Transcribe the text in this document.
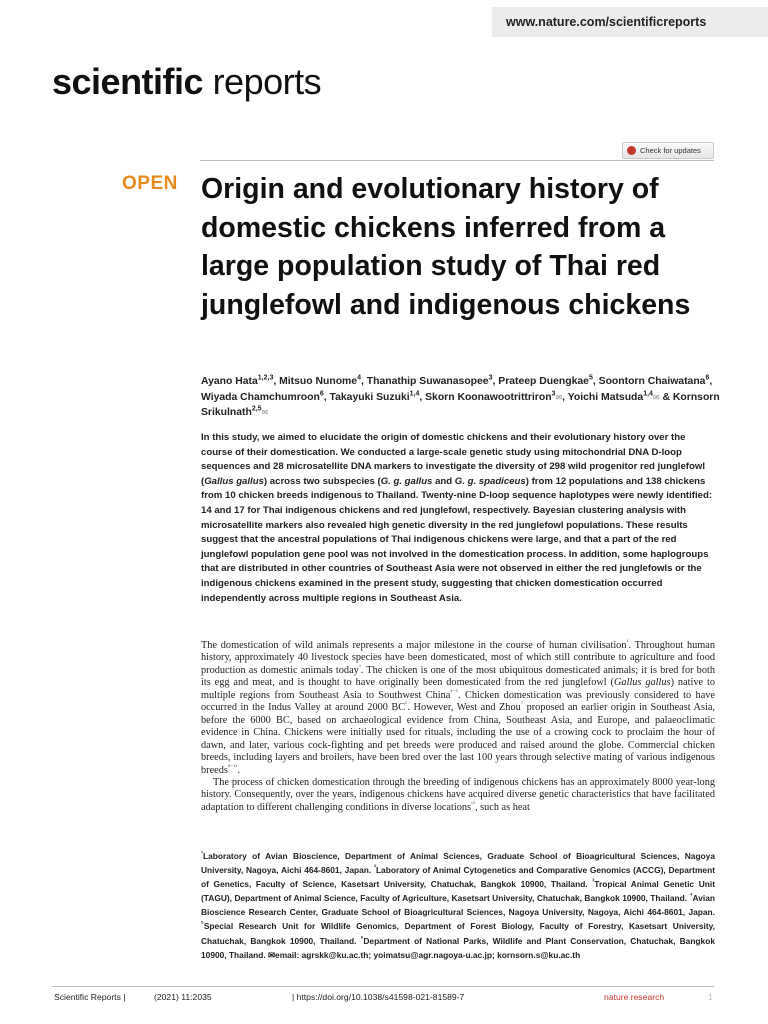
www.nature.com/scientificreports
scientific reports
Check for updates
OPEN Origin and evolutionary history of domestic chickens inferred from a large population study of Thai red junglefowl and indigenous chickens

Ayano Hata$^{1,2,3}$, Mitsuo Nunome$^4$, Thanathip Suwanasopee$^3$, Prateep Duengkae$^5$, Soontorn Chaiwatana$^6$, Wiyada Chamchumroon$^6$, Takayuki Suzuki$^{1,4}$, Skorn Koonawootrittriron$^3$✉, Yoichi Matsuda$^{1,4}$✉ & Kornsorn Srikulnath$^{2,5}$✉

In this study, we aimed to elucidate the origin of domestic chickens and their evolutionary history over the course of their domestication. We conducted a large-scale genetic study using mitochondrial DNA D-loop sequences and 28 microsatellite DNA markers to investigate the diversity of 298 wild progenitor red junglefowl (Gallus gallus) across two subspecies (G. g. gallus and G. g. spadiceus) from 12 populations and 138 chickens from 10 chicken breeds indigenous to Thailand. Twenty-nine D-loop sequence haplotypes were newly identified: 14 and 17 for Thai indigenous chickens and red junglefowl, respectively. Bayesian clustering analysis with microsatellite markers also revealed high genetic diversity in the red junglefowl populations. These results suggest that the ancestral populations of Thai indigenous chickens were large, and that a part of the red junglefowl population gene pool was not involved in the domestication process. In addition, some haplogroups that are distributed in other countries of Southeast Asia were not observed in either the red junglefowls or the indigenous chickens examined in the present study, suggesting that chicken domestication occurred independently across multiple regions in Southeast Asia.

The domestication of wild animals represents a major milestone in the course of human civilisation$^{^1}$. Throughout human history, approximately 40 livestock species have been domesticated, most of which still contribute to agriculture and food production as domestic animals today$^{^2}$. The chicken is one of the most ubiquitous domesticated animals; it is bred for both its egg and meat, and is thought to have originally been domesticated from the red junglefowl (Gallus gallus) native to multiple regions from Southeast Asia to Southwest China$^{^{3-5}}$. Chicken domestication was previously considered to have occurred in the Indus Valley at around 2000 $BC^{^6}$. However, West and Zhou$^{^7}$ proposed an earlier origin in Southeast Asia, before the 6000 BC, based on archaeological evidence from China, Southeast Asia, and Europe, and palaeoclimatic evidence in China. Chickens were initially used for rituals, including the use of a crowing cock to proclaim the hour of dawn, and later, various cock-fighting and pet breeds were produced and raised around the globe. Commercial chicken breeds, including layers and broilers, have been bred over the last 100 years through selective mating of various indigenous breeds$^{^{8-11}}$.

The process of chicken domestication through the breeding of indigenous chickens has an approximately 8000 year-long history. Consequently, over the years, indigenous chickens have acquired diverse genetic characteristics that have facilitated adaptation to different challenging conditions in diverse locations$^{^{12}}$, such as heat

$^{^1}$Laboratory of Avian Bioscience, Department of Animal Sciences, Graduate School of Bioagricultural Sciences, Nagoya University, Nagoya, Aichi 464-8601, Japan. $^{^2}$Laboratory of Animal Cytogenetics and Comparative Genomics (ACCG), Department of Genetics, Faculty of Science, Kasetsart University, Chatuchak, Bangkok 10900, Thailand. $^{^3}$Tropical Animal Genetic Unit (TAGU), Department of Animal Science, Faculty of Agriculture, Kasetsart University, Chatuchak, Bangkok 10900, Thailand. $^{^4}$Avian Bioscience Research Center, Graduate School of Bioagricultural Sciences, Nagoya University, Nagoya, Aichi 464-8601, Japan. $^{^5}$Special Research Unit for Wildlife Genomics, Department of Forest Biology, Faculty of Forestry, Kasetsart University, Chatuchak, Bangkok 10900, Thailand. $^{^6}$Department of National Parks, Wildlife and Plant Conservation, Chatuchak, Bangkok 10900, Thailand. ✉email: agrskk@ku.ac.th; yoimatsu@agr.nagoya-u.ac.jp; kornsorn.s@ku.ac.th

Scientific Reports |	(2021) 11:2035	| https://doi.org/10.1038/s41598-021-81589-7	nature research	1
